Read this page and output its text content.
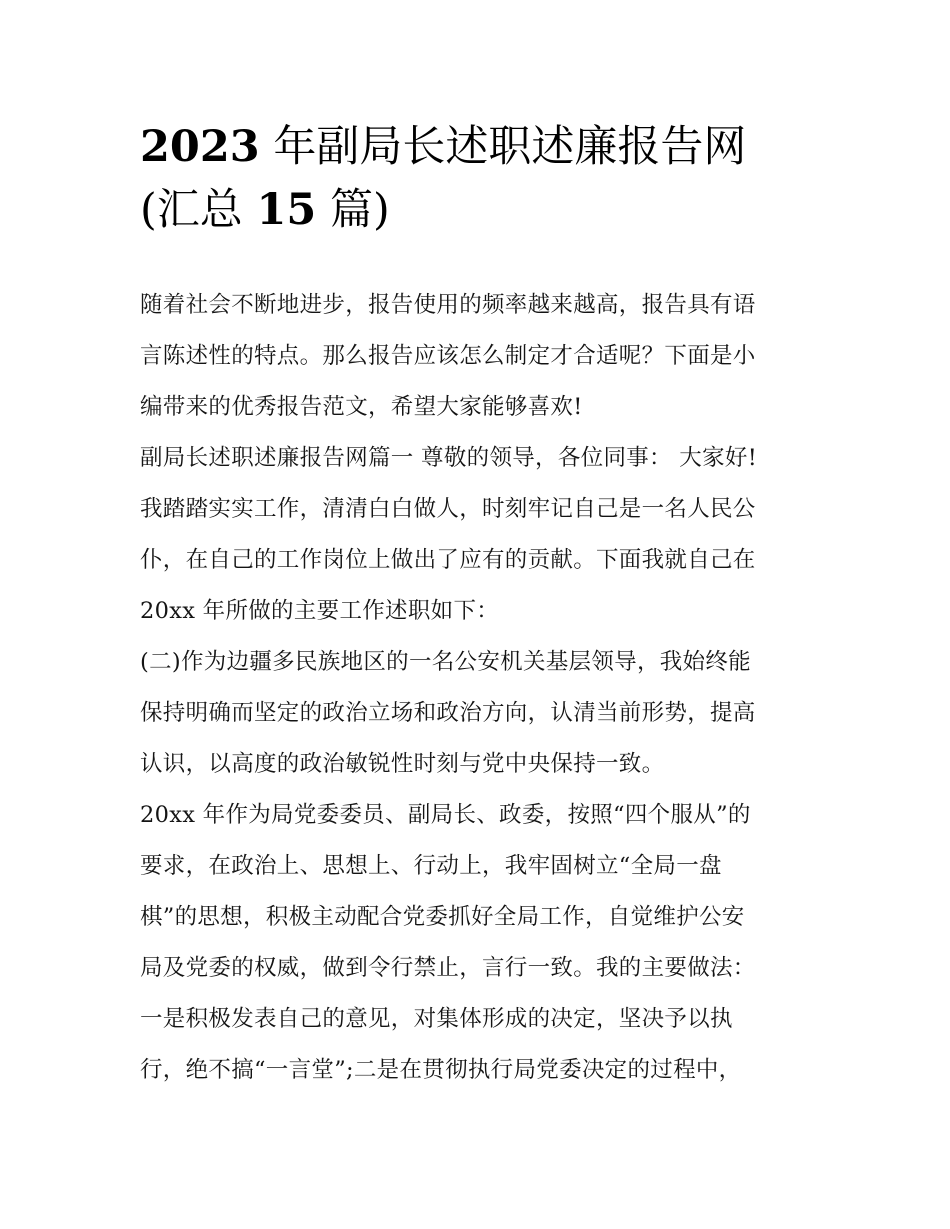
2023 年副局长述职述廉报告网
(汇总 15 篇)
随着社会不断地进步，报告使用的频率越来越高，报告具有语
言陈述性的特点。那么报告应该怎么制定才合适呢？下面是小
编带来的优秀报告范文，希望大家能够喜欢!
副局长述职述廉报告网篇一 尊敬的领导，各位同事： 大家好!
我踏踏实实工作，清清白白做人，时刻牢记自己是一名人民公
仆，在自己的工作岗位上做出了应有的贡献。下面我就自己在
20xx 年所做的主要工作述职如下：
(二)作为边疆多民族地区的一名公安机关基层领导，我始终能
保持明确而坚定的政治立场和政治方向，认清当前形势，提高
认识，以高度的政治敏锐性时刻与党中央保持一致。
20xx 年作为局党委委员、副局长、政委，按照“四个服从”的
要求，在政治上、思想上、行动上，我牢固树立“全局一盘
棋”的思想，积极主动配合党委抓好全局工作，自觉维护公安
局及党委的权威，做到令行禁止，言行一致。我的主要做法：
一是积极发表自己的意见，对集体形成的决定，坚决予以执
行，绝不搞“一言堂”;二是在贯彻执行局党委决定的过程中，
